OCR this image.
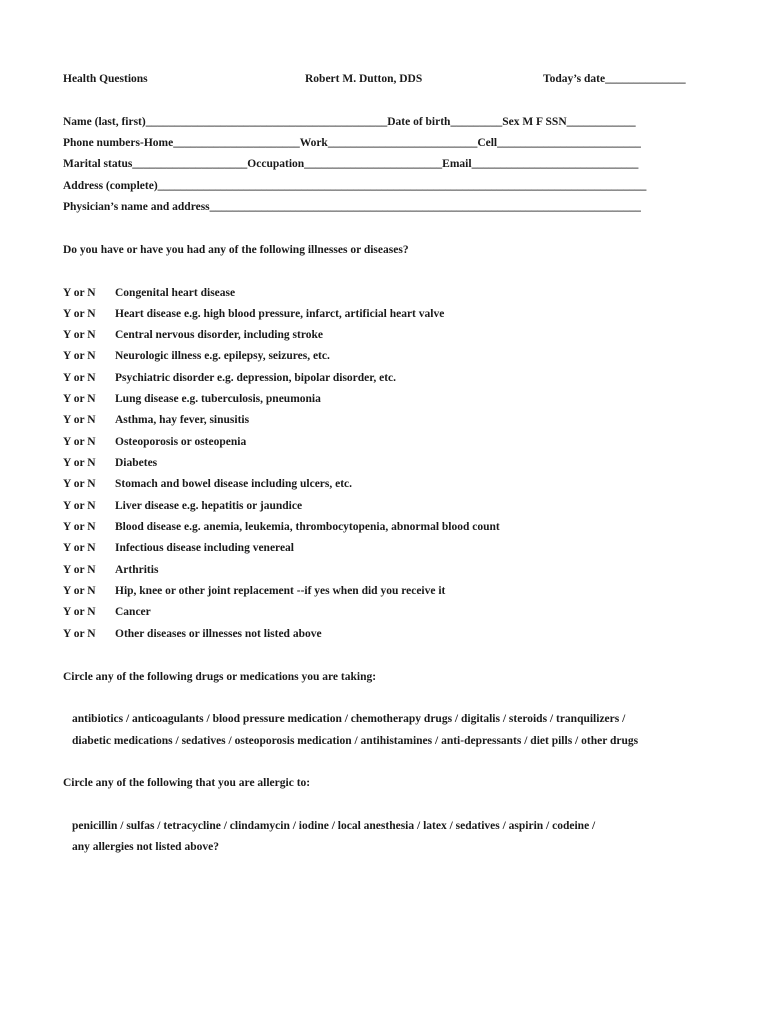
Health Questions	Robert M. Dutton, DDS	Today’s date______________
Name (last, first)__________________________________________Date of birth_________Sex M F SSN____________
Phone numbers-Home______________________Work__________________________Cell_________________________
Marital status____________________Occupation________________________Email_____________________________
Address (complete)_____________________________________________________________________________________
Physician’s name and address___________________________________________________________________________
Do you have or have you had any of the following illnesses or diseases?
Y or N Congenital heart disease
Y or N Heart disease e.g. high blood pressure, infarct, artificial heart valve
Y or N Central nervous disorder, including stroke
Y or N Neurologic illness e.g. epilepsy, seizures, etc.
Y or N Psychiatric disorder e.g. depression, bipolar disorder, etc.
Y or N Lung disease e.g. tuberculosis, pneumonia
Y or N Asthma, hay fever, sinusitis
Y or N Osteoporosis or osteopenia
Y or N Diabetes
Y or N Stomach and bowel disease including ulcers, etc.
Y or N Liver disease e.g. hepatitis or jaundice
Y or N Blood disease e.g. anemia, leukemia, thrombocytopenia, abnormal blood count
Y or N Infectious disease including venereal
Y or N Arthritis
Y or N Hip, knee or other joint replacement --if yes when did you receive it
Y or N Cancer
Y or N Other diseases or illnesses not listed above
Circle any of the following drugs or medications you are taking:
antibiotics / anticoagulants / blood pressure medication / chemotherapy drugs / digitalis / steroids / tranquilizers /
diabetic medications / sedatives / osteoporosis medication / antihistamines / anti-depressants / diet pills / other drugs
Circle any of the following that you are allergic to:
penicillin / sulfas / tetracycline / clindamycin / iodine / local anesthesia / latex / sedatives / aspirin / codeine /
any allergies not listed above?
